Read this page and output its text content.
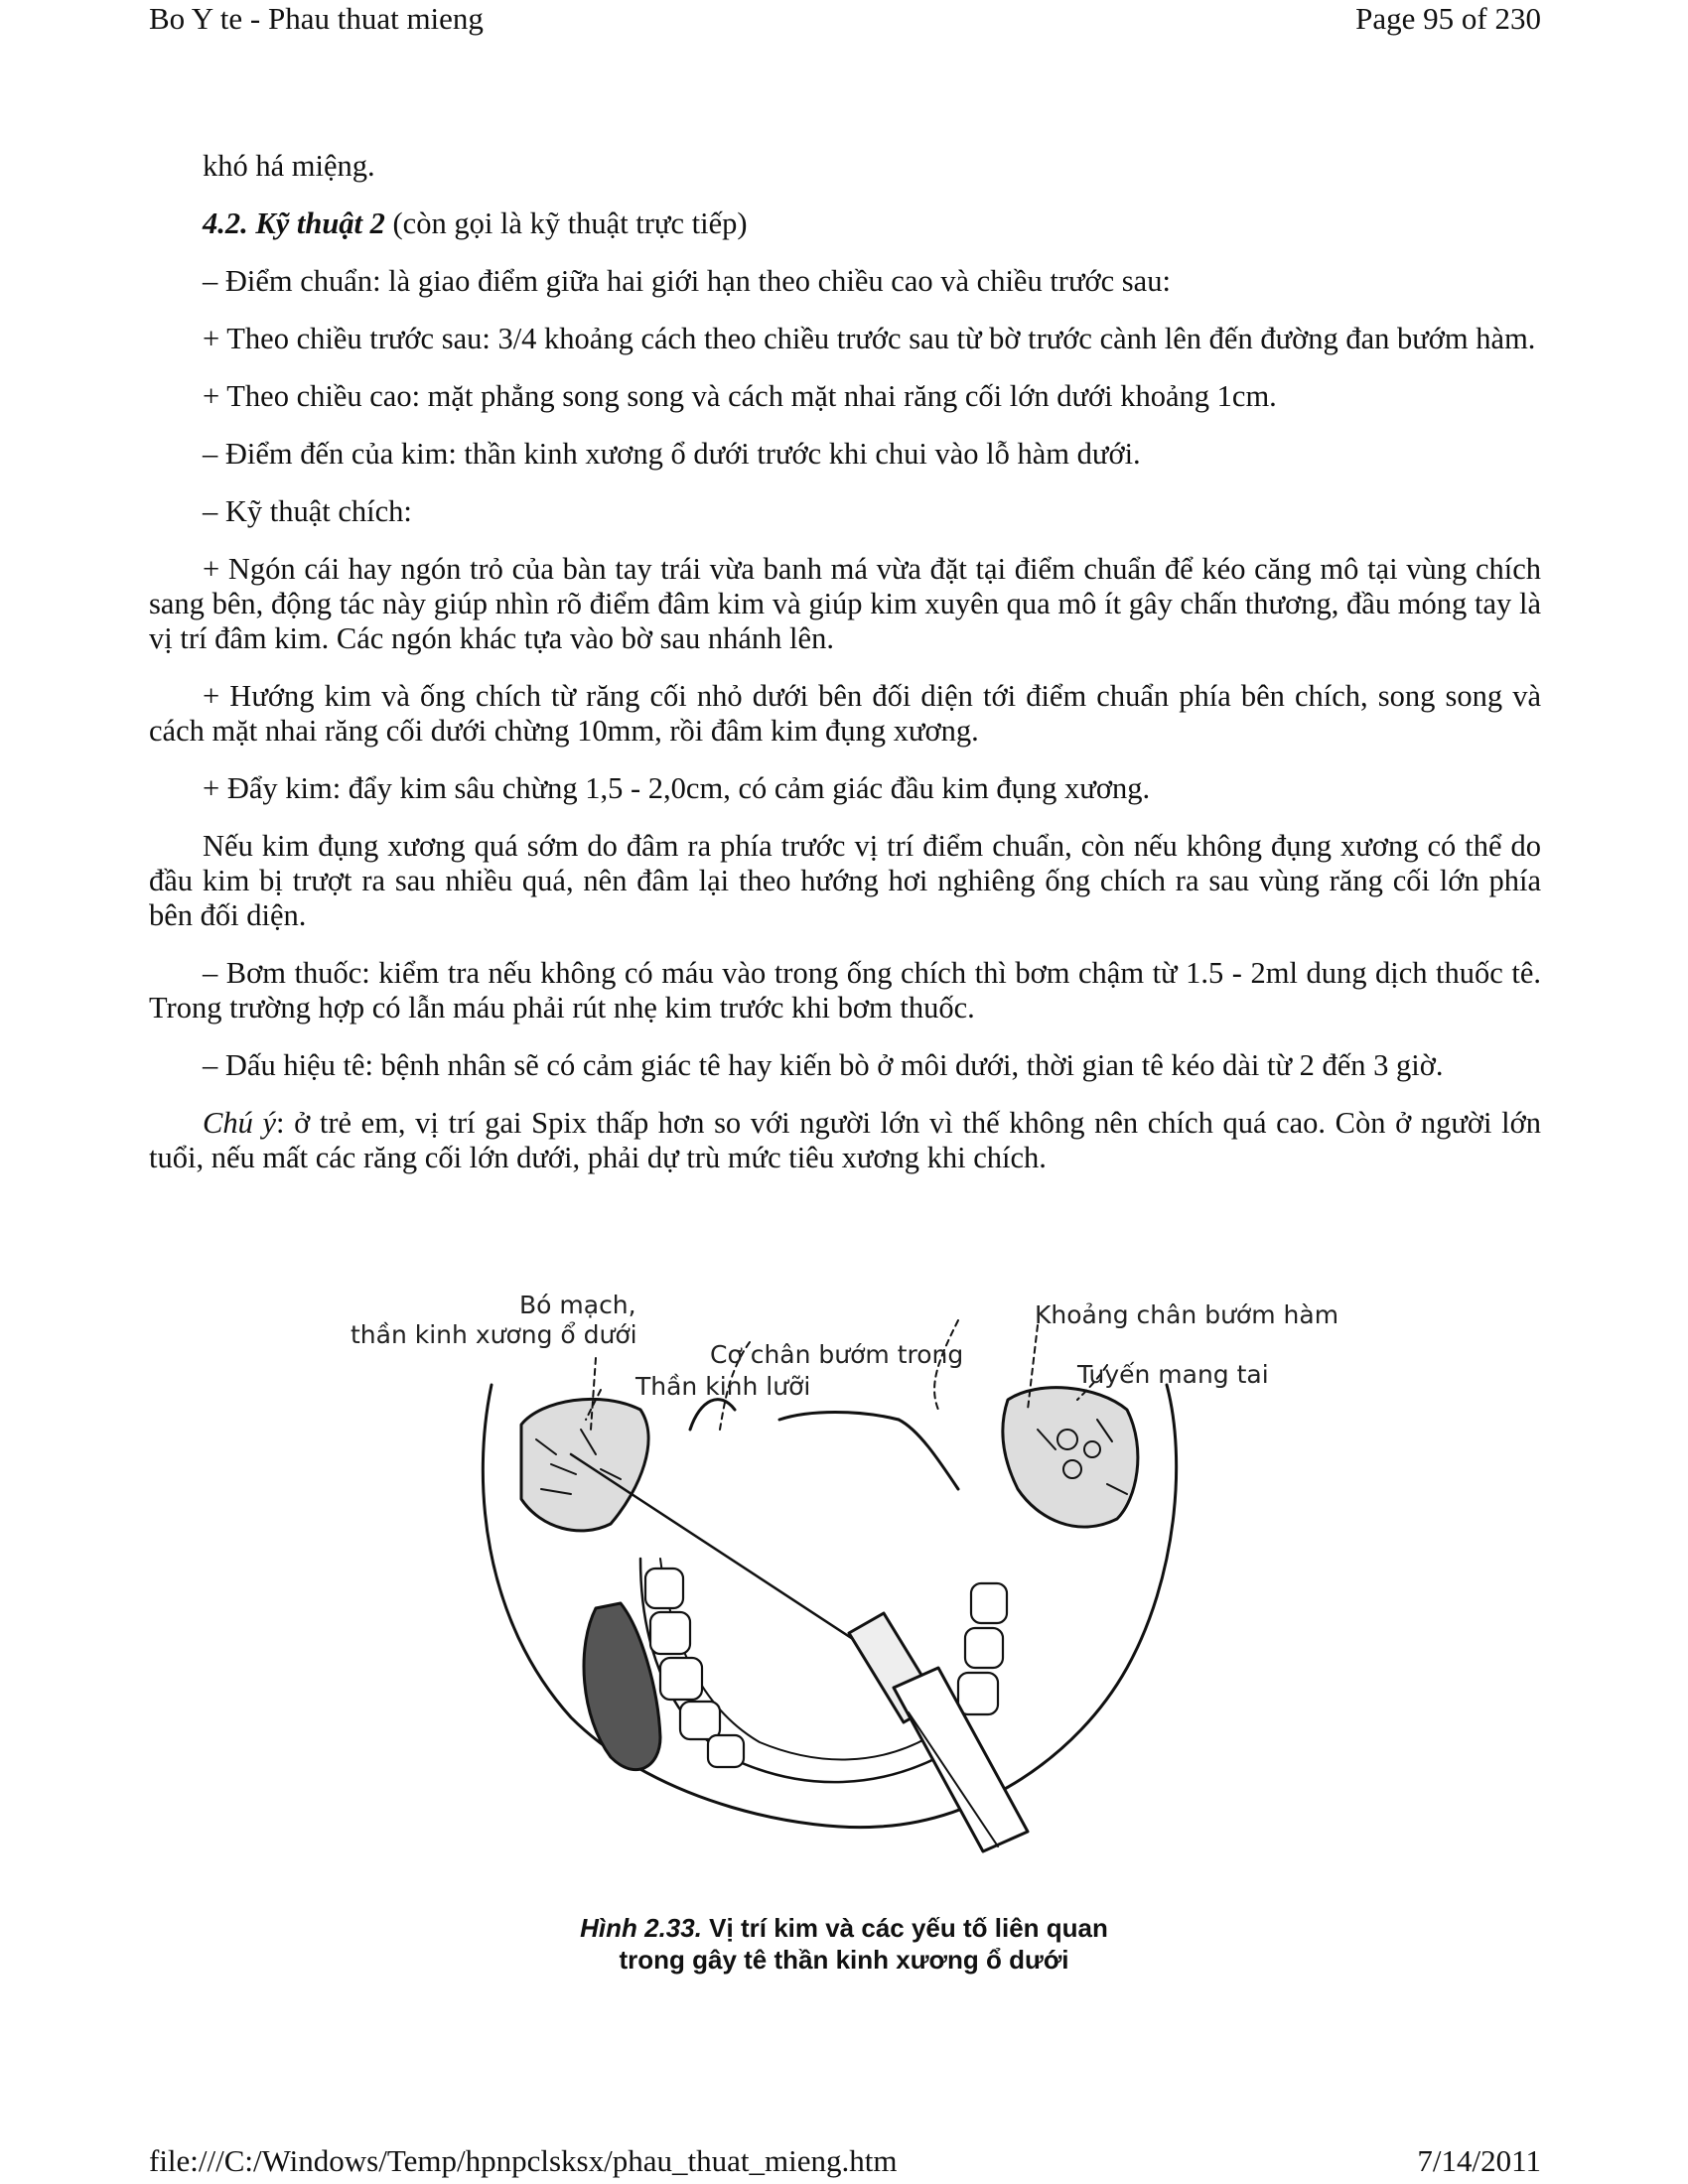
Bo Y te - Phau thuat mieng	Page 95 of 230

khó há miệng.

4.2. Kỹ thuật 2 (còn gọi là kỹ thuật trực tiếp)

– Điểm chuẩn: là giao điểm giữa hai giới hạn theo chiều cao và chiều trước sau:

+ Theo chiều trước sau: 3/4 khoảng cách theo chiều trước sau từ bờ trước cành lên đến đường đan bướm hàm.

+ Theo chiều cao: mặt phẳng song song và cách mặt nhai răng cối lớn dưới khoảng 1cm.

– Điểm đến của kim: thần kinh xương ổ dưới trước khi chui vào lỗ hàm dưới.

– Kỹ thuật chích:

+ Ngón cái hay ngón trỏ của bàn tay trái vừa banh má vừa đặt tại điểm chuẩn để kéo căng mô tại vùng chích sang bên, động tác này giúp nhìn rõ điểm đâm kim và giúp kim xuyên qua mô ít gây chấn thương, đầu móng tay là vị trí đâm kim. Các ngón khác tựa vào bờ sau nhánh lên.

+ Hướng kim và ống chích từ răng cối nhỏ dưới bên đối diện tới điểm chuẩn phía bên chích, song song và cách mặt nhai răng cối dưới chừng 10mm, rồi đâm kim đụng xương.

+ Đẩy kim: đẩy kim sâu chừng 1,5 - 2,0cm, có cảm giác đầu kim đụng xương.

Nếu kim đụng xương quá sớm do đâm ra phía trước vị trí điểm chuẩn, còn nếu không đụng xương có thể do đầu kim bị trượt ra sau nhiều quá, nên đâm lại theo hướng hơi nghiêng ống chích ra sau vùng răng cối lớn phía bên đối diện.

– Bơm thuốc: kiểm tra nếu không có máu vào trong ống chích thì bơm chậm từ 1.5 - 2ml dung dịch thuốc tê. Trong trường hợp có lẫn máu phải rút nhẹ kim trước khi bơm thuốc.

– Dấu hiệu tê: bệnh nhân sẽ có cảm giác tê hay kiến bò ở môi dưới, thời gian tê kéo dài từ 2 đến 3 giờ.

Chú ý: ở trẻ em, vị trí gai Spix thấp hơn so với người lớn vì thế không nên chích quá cao. Còn ở người lớn tuổi, nếu mất các răng cối lớn dưới, phải dự trù mức tiêu xương khi chích.

Bó mạch,
thần kinh xương ổ dưới
Cơ chân bướm trong
Thần kinh lưỡi
Khoảng chân bướm hàm
Tuyến mang tai
Hình 2.33. Vị trí kim và các yếu tố liên quan
trong gây tê thần kinh xương ổ dưới
file:///C:/Windows/Temp/hpnpclsksx/phau_thuat_mieng.htm	7/14/2011
